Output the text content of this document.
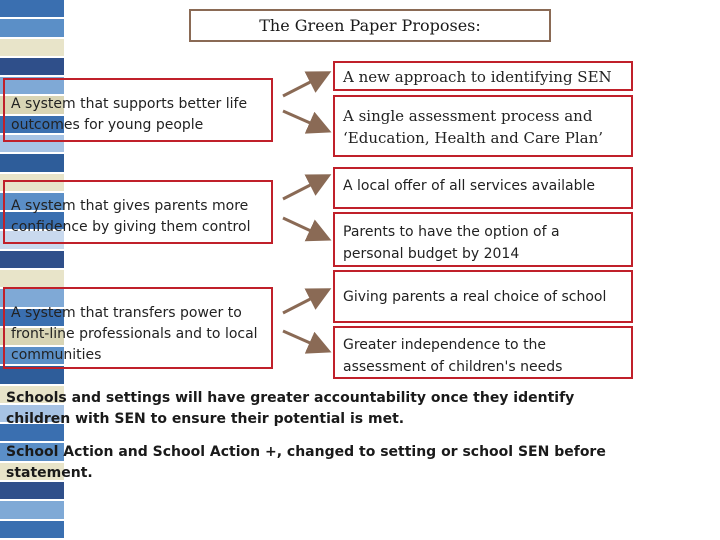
The Green Paper Proposes:
A system that supports better life outcomes for young people
A system that gives parents more confidence by giving them control
A system that transfers power to front-line professionals and to local communities
A new approach to identifying SEN
A single assessment process and ‘Education, Health and Care Plan’
A local offer of all services available
Parents to have the option of a personal budget by 2014
Giving parents a real choice of school
Greater independence to the assessment of children's needs
Schools and settings will have greater accountability once they identify children with SEN to ensure their potential is met.
School Action and School Action +, changed to setting or school SEN before statement.
